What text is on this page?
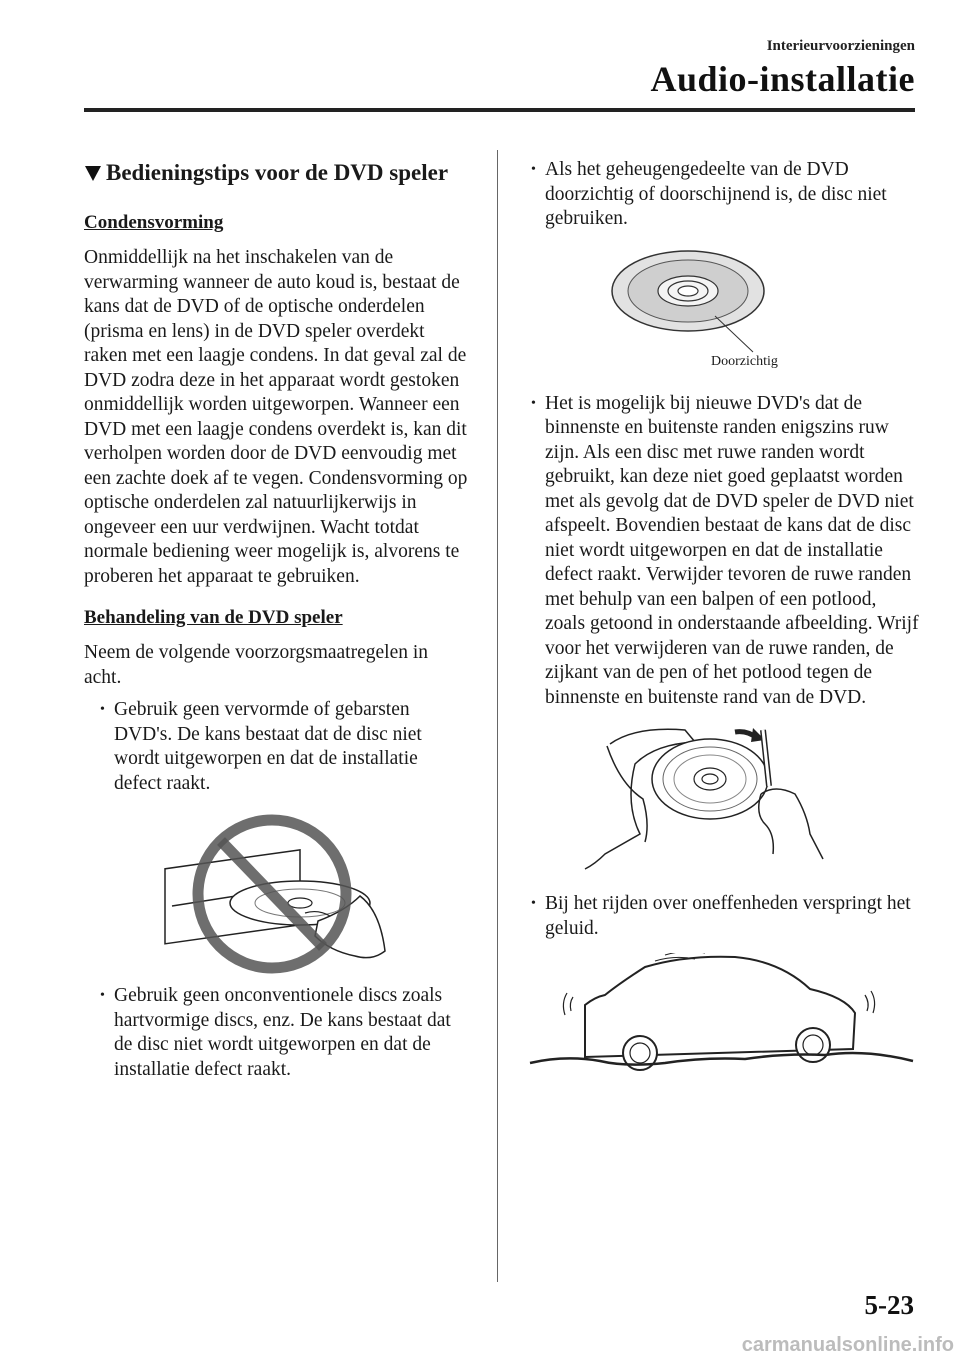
Interieurvoorzieningen
Audio-installatie
Bedieningstips voor de DVD speler
Condensvorming

Onmiddellijk na het inschakelen van de verwarming wanneer de auto koud is, bestaat de kans dat de DVD of de optische onderdelen (prisma en lens) in de DVD speler overdekt raken met een laagje condens. In dat geval zal de DVD zodra deze in het apparaat wordt gestoken onmiddellijk worden uitgeworpen. Wanneer een DVD met een laagje condens overdekt is, kan dit verholpen worden door de DVD eenvoudig met een zachte doek af te vegen. Condensvorming op optische onderdelen zal natuurlijkerwijs in ongeveer een uur verdwijnen. Wacht totdat normale bediening weer mogelijk is, alvorens te proberen het apparaat te gebruiken.

Behandeling van de DVD speler

Neem de volgende voorzorgsmaatregelen in acht.

• Gebruik geen vervormde of gebarsten DVD's. De kans bestaat dat de disc niet wordt uitgeworpen en dat de installatie defect raakt.
• Gebruik geen onconventionele discs zoals hartvormige discs, enz. De kans bestaat dat de disc niet wordt uitgeworpen en dat de installatie defect raakt.
• Als het geheugengedeelte van de DVD doorzichtig of doorschijnend is, de disc niet gebruiken.
Doorzichtig
• Het is mogelijk bij nieuwe DVD's dat de binnenste en buitenste randen enigszins ruw zijn. Als een disc met ruwe randen wordt gebruikt, kan deze niet goed geplaatst worden met als gevolg dat de DVD speler de DVD niet afspeelt. Bovendien bestaat de kans dat de disc niet wordt uitgeworpen en dat de installatie defect raakt. Verwijder tevoren de ruwe randen met behulp van een balpen of een potlood, zoals getoond in onderstaande afbeelding. Wrijf voor het verwijderen van de ruwe randen, de zijkant van de pen of het potlood tegen de binnenste en buitenste rand van de DVD.
• Bij het rijden over oneffenheden verspringt het geluid.
5-23
carmanualsonline.info
